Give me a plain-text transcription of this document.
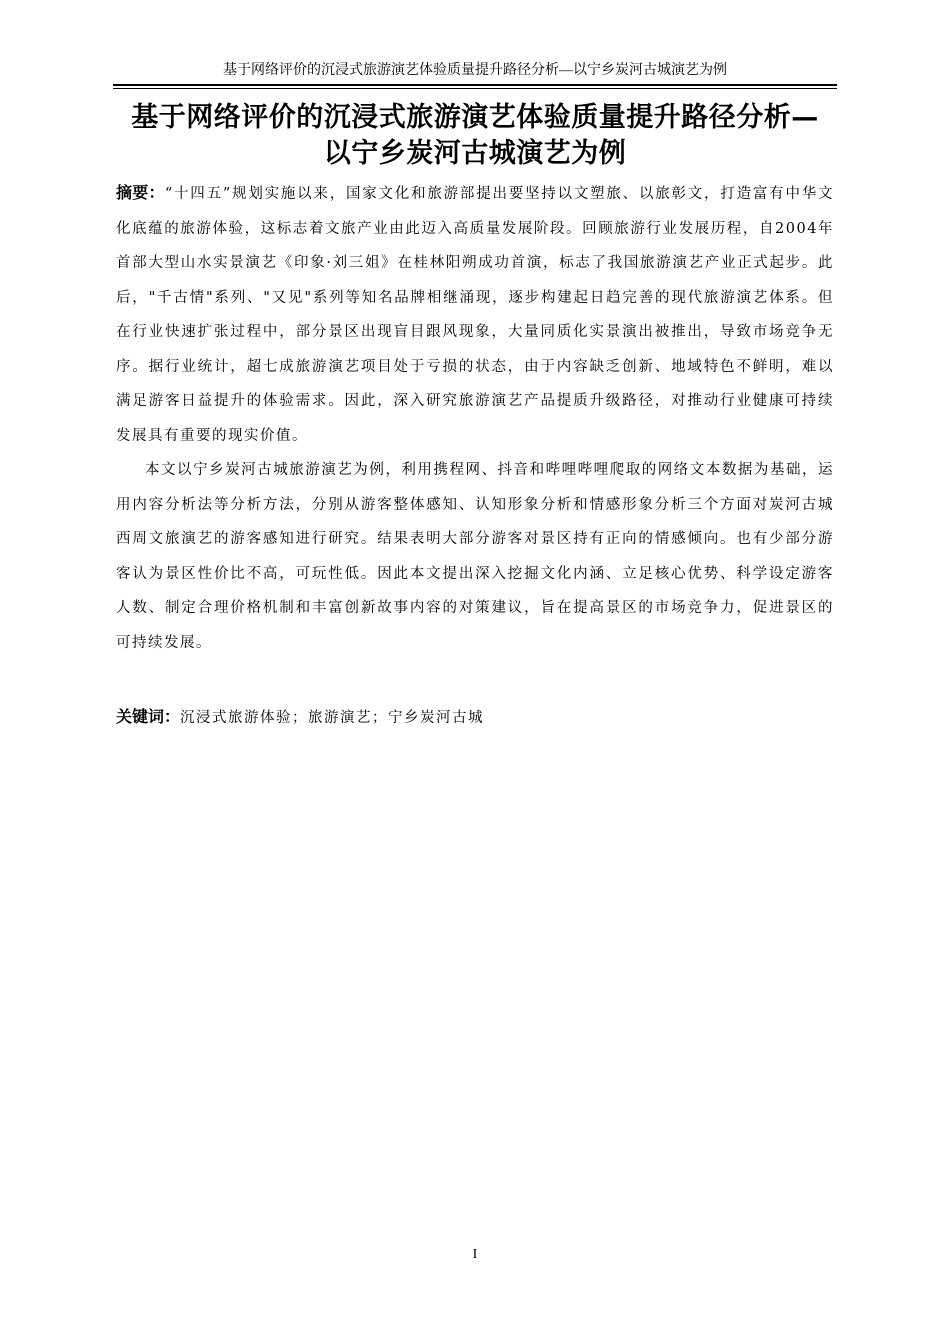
基于网络评价的沉浸式旅游演艺体验质量提升路径分析—以宁乡炭河古城演艺为例
基于网络评价的沉浸式旅游演艺体验质量提升路径分析—
以宁乡炭河古城演艺为例

摘要：“十四五”规划实施以来，国家文化和旅游部提出要坚持以文塑旅、以旅彰文，打造富有中华文化底蕴的旅游体验，这标志着文旅产业由此迈入高质量发展阶段。回顾旅游行业发展历程，自2004年首部大型山水实景演艺《印象·刘三姐》在桂林阳朔成功首演，标志了我国旅游演艺产业正式起步。此后，"千古情"系列、"又见"系列等知名品牌相继涌现，逐步构建起日趋完善的现代旅游演艺体系。但在行业快速扩张过程中，部分景区出现盲目跟风现象，大量同质化实景演出被推出，导致市场竞争无序。据行业统计，超七成旅游演艺项目处于亏损的状态，由于内容缺乏创新、地域特色不鲜明，难以满足游客日益提升的体验需求。因此，深入研究旅游演艺产品提质升级路径，对推动行业健康可持续发展具有重要的现实价值。

本文以宁乡炭河古城旅游演艺为例，利用携程网、抖音和哔哩哔哩爬取的网络文本数据为基础，运用内容分析法等分析方法，分别从游客整体感知、认知形象分析和情感形象分析三个方面对炭河古城西周文旅演艺的游客感知进行研究。结果表明大部分游客对景区持有正向的情感倾向。也有少部分游客认为景区性价比不高，可玩性低。因此本文提出深入挖掘文化内涵、立足核心优势、科学设定游客人数、制定合理价格机制和丰富创新故事内容的对策建议，旨在提高景区的市场竞争力，促进景区的可持续发展。

关键词：沉浸式旅游体验；旅游演艺；宁乡炭河古城
I
